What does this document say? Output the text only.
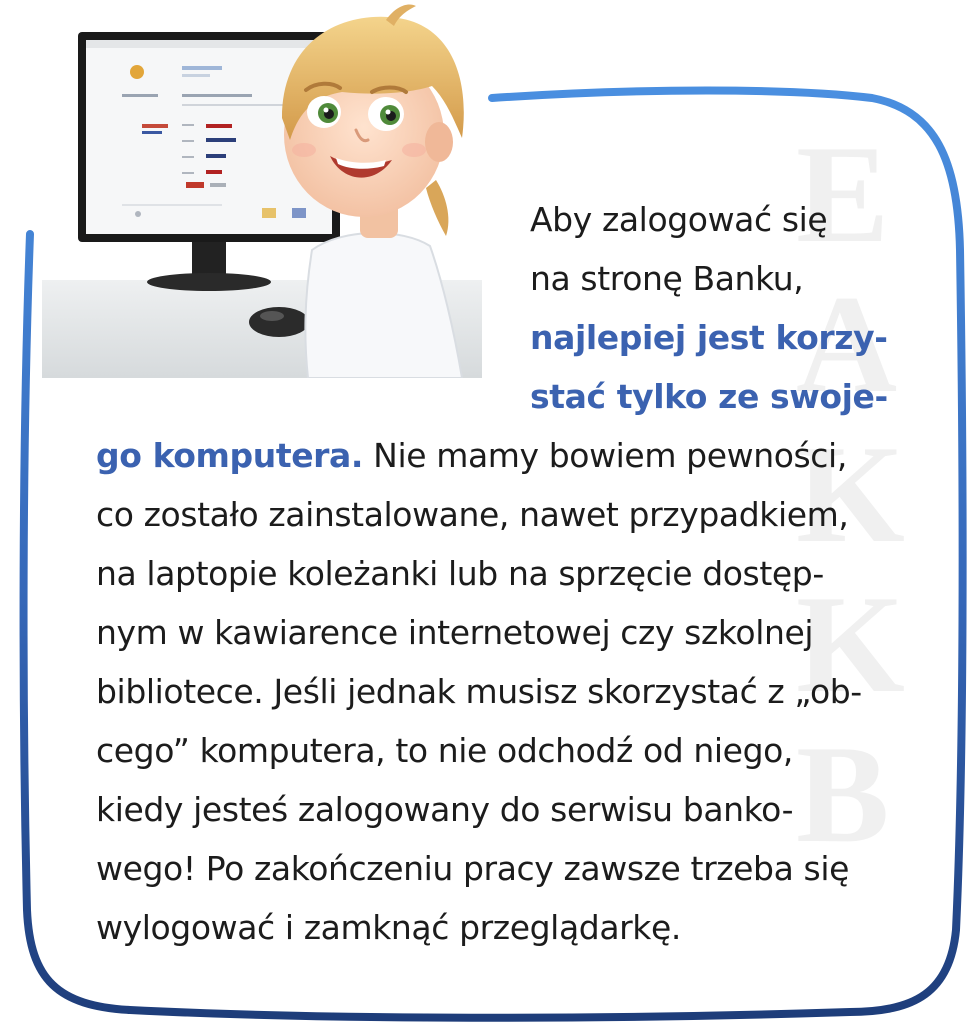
E
A
K
K
B
Aby zalogować się
na stronę Banku,
najlepiej jest korzy-
stać tylko ze swoje-
go komputera. Nie mamy bowiem pewności,
co zostało zainstalowane, nawet przypadkiem,
na laptopie koleżanki lub na sprzęcie dostęp-
nym w kawiarence internetowej czy szkolnej
bibliotece. Jeśli jednak musisz skorzystać z „ob-
cego” komputera, to nie odchodź od niego,
kiedy jesteś zalogowany do serwisu banko-
wego! Po zakończeniu pracy zawsze trzeba się
wylogować i zamknąć przeglądarkę.
